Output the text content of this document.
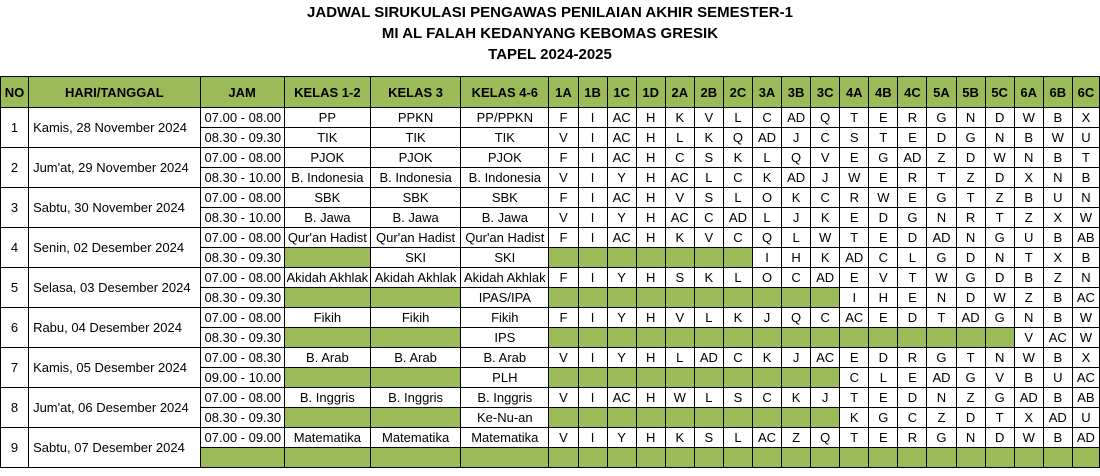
JADWAL SIRUKULASI PENGAWAS PENILAIAN AKHIR SEMESTER-1
MI AL FALAH KEDANYANG KEBOMAS GRESIK
TAPEL 2024-2025
NO	HARI/TANGGAL	JAM	KELAS 1-2	KELAS 3	KELAS 4-6	1A	1B	1C	1D	2A	2B	2C	3A	3B	3C	4A	4B	4C	5A	5B	5C	6A	6B	6C
1	Kamis, 28 November 2024	07.00 - 08.00	PP	PPKN	PP/PPKN	F	I	AC	H	K	V	L	C	AD	Q	T	E	R	G	N	D	W	B	X
		08.30 - 09.30	TIK	TIK	TIK	V	I	AC	H	L	K	Q	AD	J	C	S	T	E	D	G	N	B	W	U
2	Jum'at, 29 November 2024	07.00 - 08.00	PJOK	PJOK	PJOK	F	I	AC	H	C	S	K	L	Q	V	E	G	AD	Z	D	W	N	B	T
		08.30 - 10.00	B. Indonesia	B. Indonesia	B. Indonesia	V	I	Y	H	AC	L	C	K	AD	J	W	E	R	T	Z	D	X	N	B
3	Sabtu, 30 November 2024	07.00 - 08.00	SBK	SBK	SBK	F	I	AC	H	V	S	L	O	K	C	R	W	E	G	T	Z	B	U	N
		08.30 - 10.00	B. Jawa	B. Jawa	B. Jawa	V	I	Y	H	AC	C	AD	L	J	K	E	D	G	N	R	T	Z	X	W
4	Senin, 02 Desember 2024	07.00 - 08.00	Qur'an Hadist	Qur'an Hadist	Qur'an Hadist	F	I	AC	H	K	V	C	Q	L	W	T	E	D	AD	N	G	U	B	AB
		08.30 - 09.30		SKI	SKI								I	H	K	AD	C	L	G	D	N	T	X	B
5	Selasa, 03 Desember 2024	07.00 - 08.00	Akidah Akhlak	Akidah Akhlak	Akidah Akhlak	F	I	Y	H	S	K	L	O	C	AD	E	V	T	W	G	D	B	Z	N
		08.30 - 09.30			IPAS/IPA											I	H	E	N	D	W	Z	B	AC
6	Rabu, 04 Desember 2024	07.00 - 08.00	Fikih	Fikih	Fikih	F	I	Y	H	V	L	K	J	Q	C	AC	E	D	T	AD	G	N	B	W
		08.30 - 09.30			IPS																	V	AC	W
7	Kamis, 05 Desember 2024	07.00 - 08.30	B. Arab	B. Arab	B. Arab	V	I	Y	H	L	AD	C	K	J	AC	E	D	R	G	T	N	W	B	X
		09.00 - 10.00			PLH											C	L	E	AD	G	V	B	U	AC
8	Jum'at, 06 Desember 2024	07.00 - 08.00	B. Inggris	B. Inggris	B. Inggris	V	I	AC	H	W	L	S	C	K	J	T	E	D	N	Z	G	AD	B	AB
		08.30 - 09.30			Ke-Nu-an											K	G	C	Z	D	T	X	AD	U
9	Sabtu, 07 Desember 2024	07.00 - 09.00	Matematika	Matematika	Matematika	V	I	Y	H	K	S	L	AC	Z	Q	T	E	R	G	N	D	W	B	AD
